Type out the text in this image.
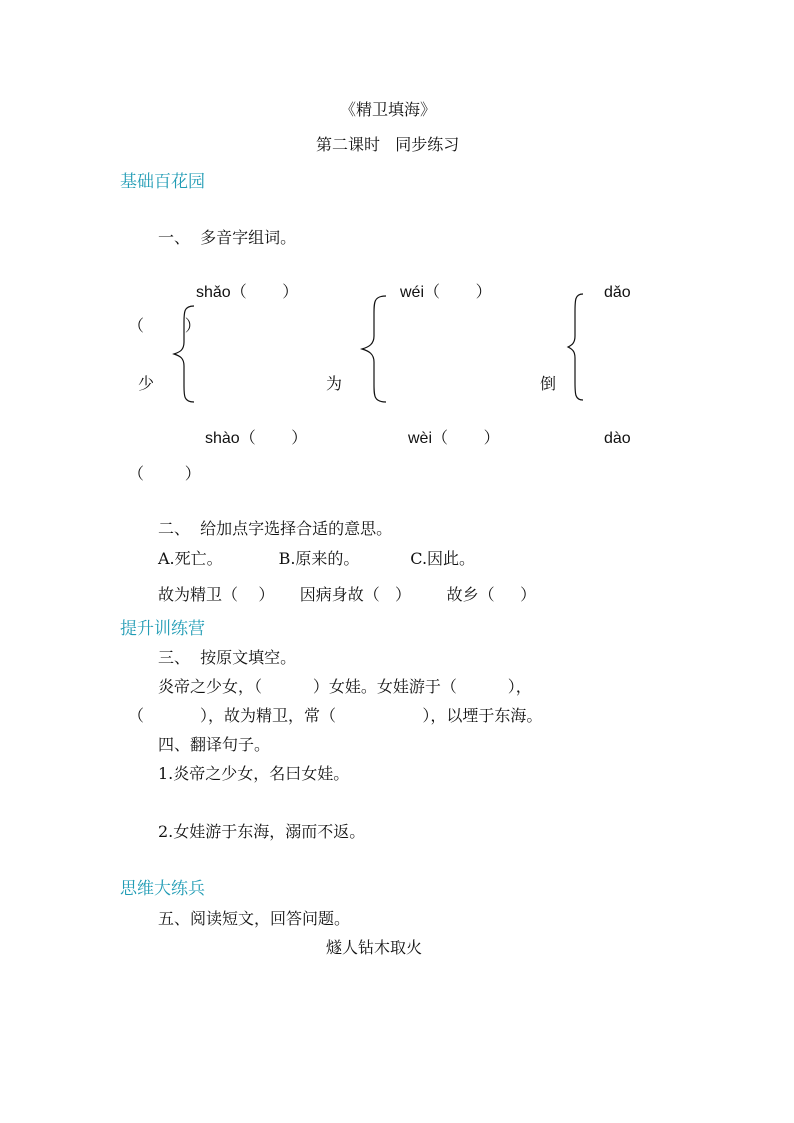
《精卫填海》
第二课时   同步练习
基础百花园
一、  多音字组词。
shǎo（        ）	wéi（        ）	dǎo
（        ）
少	为	倒
shào（        ）	wèi（        ）	dào
（        ）
二、  给加点字选择合适的意思。
A.死亡。           B.原来的。          C.因此。
故为精卫（    ）     因病身故（   ）       故乡（     ）
提升训练营
三、  按原文填空。
炎帝之少女，（          ）女娃。女娃游于（          ），
（           ），故为精卫，常（                 ），以堙于东海。
四、翻译句子。
1.炎帝之少女，名曰女娃。
2.女娃游于东海，溺而不返。
思维大练兵
五、阅读短文，回答问题。
燧人钻木取火
